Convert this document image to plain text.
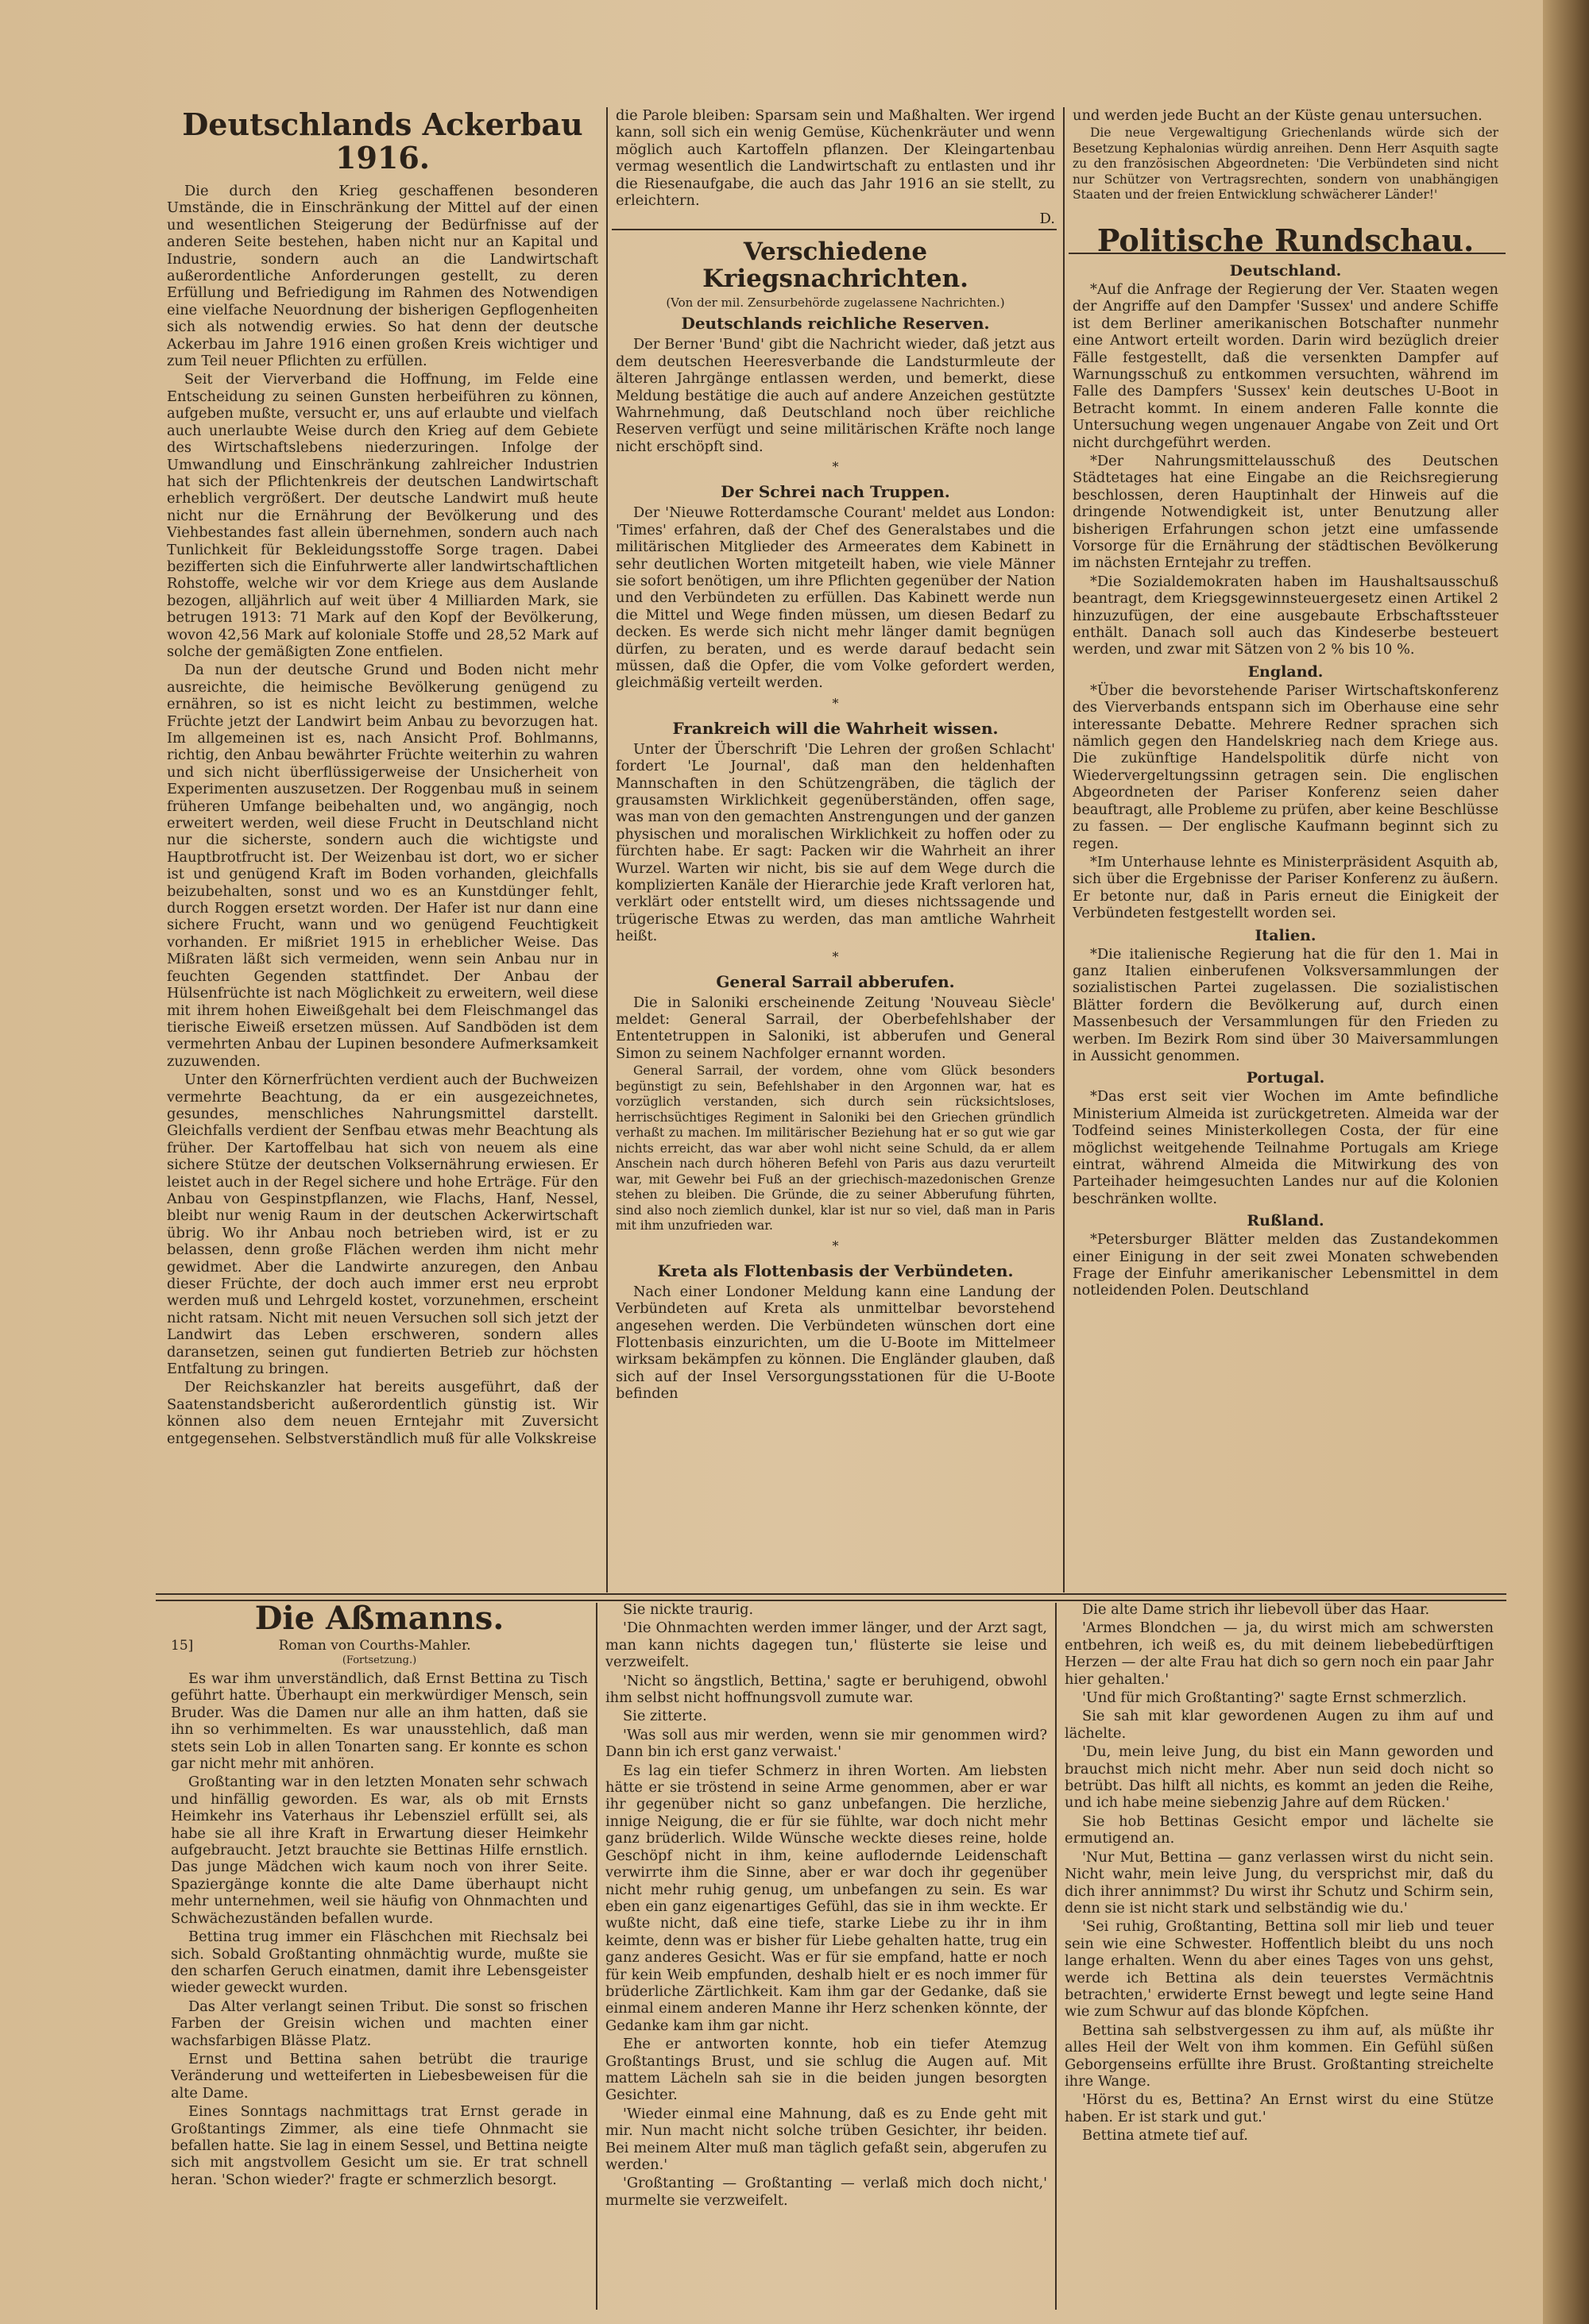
Deutschlands Ackerbau 1916.

Die durch den Krieg geschaffenen besonderen Umstände, die in Einschränkung der Mittel auf der einen und wesentlichen Steigerung der Bedürfnisse auf der anderen Seite bestehen, haben nicht nur an Kapital und Industrie, sondern auch an die Landwirtschaft außerordentliche Anforderungen gestellt, zu deren Erfüllung und Befriedigung im Rahmen des Notwendigen eine vielfache Neuordnung der bisherigen Gepflogenheiten sich als notwendig erwies. So hat denn der deutsche Ackerbau im Jahre 1916 einen großen Kreis wichtiger und zum Teil neuer Pflichten zu erfüllen.

Seit der Vierverband die Hoffnung, im Felde eine Entscheidung zu seinen Gunsten herbeiführen zu können, aufgeben mußte, versucht er, uns auf erlaubte und vielfach auch unerlaubte Weise durch den Krieg auf dem Gebiete des Wirtschaftslebens niederzuringen. Infolge der Umwandlung und Einschränkung zahlreicher Industrien hat sich der Pflichtenkreis der deutschen Landwirtschaft erheblich vergrößert. Der deutsche Landwirt muß heute nicht nur die Ernährung der Bevölkerung und des Viehbestandes fast allein übernehmen, sondern auch nach Tunlichkeit für Bekleidungsstoffe Sorge tragen. Dabei bezifferten sich die Einfuhrwerte aller landwirtschaftlichen Rohstoffe, welche wir vor dem Kriege aus dem Auslande bezogen, alljährlich auf weit über 4 Milliarden Mark, sie betrugen 1913: 71 Mark auf den Kopf der Bevölkerung, wovon 42,56 Mark auf koloniale Stoffe und 28,52 Mark auf solche der gemäßigten Zone entfielen.

Da nun der deutsche Grund und Boden nicht mehr ausreichte, die heimische Bevölkerung genügend zu ernähren, so ist es nicht leicht zu bestimmen, welche Früchte jetzt der Landwirt beim Anbau zu bevorzugen hat. Im allgemeinen ist es, nach Ansicht Prof. Bohlmanns, richtig, den Anbau bewährter Früchte weiterhin zu wahren und sich nicht überflüssigerweise der Unsicherheit von Experimenten auszusetzen. Der Roggenbau muß in seinem früheren Umfange beibehalten und, wo angängig, noch erweitert werden, weil diese Frucht in Deutschland nicht nur die sicherste, sondern auch die wichtigste und Hauptbrotfrucht ist. Der Weizenbau ist dort, wo er sicher ist und genügend Kraft im Boden vorhanden, gleichfalls beizubehalten, sonst und wo es an Kunstdünger fehlt, durch Roggen ersetzt worden. Der Hafer ist nur dann eine sichere Frucht, wann und wo genügend Feuchtigkeit vorhanden. Er mißriet 1915 in erheblicher Weise. Das Mißraten läßt sich vermeiden, wenn sein Anbau nur in feuchten Gegenden stattfindet. Der Anbau der Hülsenfrüchte ist nach Möglichkeit zu erweitern, weil diese mit ihrem hohen Eiweißgehalt bei dem Fleischmangel das tierische Eiweiß ersetzen müssen. Auf Sandböden ist dem vermehrten Anbau der Lupinen besondere Aufmerksamkeit zuzuwenden.

Unter den Körnerfrüchten verdient auch der Buchweizen vermehrte Beachtung, da er ein ausgezeichnetes, gesundes, menschliches Nahrungsmittel darstellt. Gleichfalls verdient der Senfbau etwas mehr Beachtung als früher. Der Kartoffelbau hat sich von neuem als eine sichere Stütze der deutschen Volksernährung erwiesen. Er leistet auch in der Regel sichere und hohe Erträge. Für den Anbau von Gespinstpflanzen, wie Flachs, Hanf, Nessel, bleibt nur wenig Raum in der deutschen Ackerwirtschaft übrig. Wo ihr Anbau noch betrieben wird, ist er zu belassen, denn große Flächen werden ihm nicht mehr gewidmet. Aber die Landwirte anzuregen, den Anbau dieser Früchte, der doch auch immer erst neu erprobt werden muß und Lehrgeld kostet, vorzunehmen, erscheint nicht ratsam. Nicht mit neuen Versuchen soll sich jetzt der Landwirt das Leben erschweren, sondern alles daransetzen, seinen gut fundierten Betrieb zur höchsten Entfaltung zu bringen.

Der Reichskanzler hat bereits ausgeführt, daß der Saatenstandsbericht außerordentlich günstig ist. Wir können also dem neuen Erntejahr mit Zuversicht entgegensehen. Selbstverständlich muß für alle Volkskreise

die Parole bleiben: Sparsam sein und Maßhalten. Wer irgend kann, soll sich ein wenig Gemüse, Küchenkräuter und wenn möglich auch Kartoffeln pflanzen. Der Kleingartenbau vermag wesentlich die Landwirtschaft zu entlasten und ihr die Riesenaufgabe, die auch das Jahr 1916 an sie stellt, zu erleichtern.

D.
Verschiedene Kriegsnachrichten.
(Von der mil. Zensurbehörde zugelassene Nachrichten.)
Deutschlands reichliche Reserven.

Der Berner 'Bund' gibt die Nachricht wieder, daß jetzt aus dem deutschen Heeresverbande die Landsturmleute der älteren Jahrgänge entlassen werden, und bemerkt, diese Meldung bestätige die auch auf andere Anzeichen gestützte Wahrnehmung, daß Deutschland noch über reichliche Reserven verfügt und seine militärischen Kräfte noch lange nicht erschöpft sind.

*
Der Schrei nach Truppen.

Der 'Nieuwe Rotterdamsche Courant' meldet aus London: 'Times' erfahren, daß der Chef des Generalstabes und die militärischen Mitglieder des Armeerates dem Kabinett in sehr deutlichen Worten mitgeteilt haben, wie viele Männer sie sofort benötigen, um ihre Pflichten gegenüber der Nation und den Verbündeten zu erfüllen. Das Kabinett werde nun die Mittel und Wege finden müssen, um diesen Bedarf zu decken. Es werde sich nicht mehr länger damit begnügen dürfen, zu beraten, und es werde darauf bedacht sein müssen, daß die Opfer, die vom Volke gefordert werden, gleichmäßig verteilt werden.

*
Frankreich will die Wahrheit wissen.

Unter der Überschrift 'Die Lehren der großen Schlacht' fordert 'Le Journal', daß man den heldenhaften Mannschaften in den Schützengräben, die täglich der grausamsten Wirklichkeit gegenüberständen, offen sage, was man von den gemachten Anstrengungen und der ganzen physischen und moralischen Wirklichkeit zu hoffen oder zu fürchten habe. Er sagt: Packen wir die Wahrheit an ihrer Wurzel. Warten wir nicht, bis sie auf dem Wege durch die komplizierten Kanäle der Hierarchie jede Kraft verloren hat, verklärt oder entstellt wird, um dieses nichtssagende und trügerische Etwas zu werden, das man amtliche Wahrheit heißt.

*
General Sarrail abberufen.

Die in Saloniki erscheinende Zeitung 'Nouveau Siècle' meldet: General Sarrail, der Oberbefehlshaber der Ententetruppen in Saloniki, ist abberufen und General Simon zu seinem Nachfolger ernannt worden.

General Sarrail, der vordem, ohne vom Glück besonders begünstigt zu sein, Befehlshaber in den Argonnen war, hat es vorzüglich verstanden, sich durch sein rücksichtsloses, herrischsüchtiges Regiment in Saloniki bei den Griechen gründlich verhaßt zu machen. Im militärischer Beziehung hat er so gut wie gar nichts erreicht, das war aber wohl nicht seine Schuld, da er allem Anschein nach durch höheren Befehl von Paris aus dazu verurteilt war, mit Gewehr bei Fuß an der griechisch-mazedonischen Grenze stehen zu bleiben. Die Gründe, die zu seiner Abberufung führten, sind also noch ziemlich dunkel, klar ist nur so viel, daß man in Paris mit ihm unzufrieden war.

*
Kreta als Flottenbasis der Verbündeten.

Nach einer Londoner Meldung kann eine Landung der Verbündeten auf Kreta als unmittelbar bevorstehend angesehen werden. Die Verbündeten wünschen dort eine Flottenbasis einzurichten, um die U-Boote im Mittelmeer wirksam bekämpfen zu können. Die Engländer glauben, daß sich auf der Insel Versorgungsstationen für die U-Boote befinden

und werden jede Bucht an der Küste genau untersuchen.

Die neue Vergewaltigung Griechenlands würde sich der Besetzung Kephalonias würdig anreihen. Denn Herr Asquith sagte zu den französischen Abgeordneten: 'Die Verbündeten sind nicht nur Schützer von Vertragsrechten, sondern von unabhängigen Staaten und der freien Entwicklung schwächerer Länder!'

Politische Rundschau.
Deutschland.

*Auf die Anfrage der Regierung der Ver. Staaten wegen der Angriffe auf den Dampfer 'Sussex' und andere Schiffe ist dem Berliner amerikanischen Botschafter nunmehr eine Antwort erteilt worden. Darin wird bezüglich dreier Fälle festgestellt, daß die versenkten Dampfer auf Warnungsschuß zu entkommen versuchten, während im Falle des Dampfers 'Sussex' kein deutsches U-Boot in Betracht kommt. In einem anderen Falle konnte die Untersuchung wegen ungenauer Angabe von Zeit und Ort nicht durchgeführt werden.

*Der Nahrungsmittelausschuß des Deutschen Städtetages hat eine Eingabe an die Reichsregierung beschlossen, deren Hauptinhalt der Hinweis auf die dringende Notwendigkeit ist, unter Benutzung aller bisherigen Erfahrungen schon jetzt eine umfassende Vorsorge für die Ernährung der städtischen Bevölkerung im nächsten Erntejahr zu treffen.

*Die Sozialdemokraten haben im Haushaltsausschuß beantragt, dem Kriegsgewinnsteuergesetz einen Artikel 2 hinzuzufügen, der eine ausgebaute Erbschaftssteuer enthält. Danach soll auch das Kindeserbe besteuert werden, und zwar mit Sätzen von 2 % bis 10 %.

England.

*Über die bevorstehende Pariser Wirtschaftskonferenz des Vierverbands entspann sich im Oberhause eine sehr interessante Debatte. Mehrere Redner sprachen sich nämlich gegen den Handelskrieg nach dem Kriege aus. Die zukünftige Handelspolitik dürfe nicht von Wiedervergeltungssinn getragen sein. Die englischen Abgeordneten der Pariser Konferenz seien daher beauftragt, alle Probleme zu prüfen, aber keine Beschlüsse zu fassen. — Der englische Kaufmann beginnt sich zu regen.

*Im Unterhause lehnte es Ministerpräsident Asquith ab, sich über die Ergebnisse der Pariser Konferenz zu äußern. Er betonte nur, daß in Paris erneut die Einigkeit der Verbündeten festgestellt worden sei.

Italien.

*Die italienische Regierung hat die für den 1. Mai in ganz Italien einberufenen Volksversammlungen der sozialistischen Partei zugelassen. Die sozialistischen Blätter fordern die Bevölkerung auf, durch einen Massenbesuch der Versammlungen für den Frieden zu werben. Im Bezirk Rom sind über 30 Maiversammlungen in Aussicht genommen.

Portugal.

*Das erst seit vier Wochen im Amte befindliche Ministerium Almeida ist zurückgetreten. Almeida war der Todfeind seines Ministerkollegen Costa, der für eine möglichst weitgehende Teilnahme Portugals am Kriege eintrat, während Almeida die Mitwirkung des von Parteihader heimgesuchten Landes nur auf die Kolonien beschränken wollte.

Rußland.

*Petersburger Blätter melden das Zustandekommen einer Einigung in der seit zwei Monaten schwebenden Frage der Einfuhr amerikanischer Lebensmittel in dem notleidenden Polen. Deutschland

Die Aßmanns.
15]	Roman von Courths-Mahler.
(Fortsetzung.)

Es war ihm unverständlich, daß Ernst Bettina zu Tisch geführt hatte. Überhaupt ein merkwürdiger Mensch, sein Bruder. Was die Damen nur alle an ihm hatten, daß sie ihn so verhimmelten. Es war unausstehlich, daß man stets sein Lob in allen Tonarten sang. Er konnte es schon gar nicht mehr mit anhören.

Großtanting war in den letzten Monaten sehr schwach und hinfällig geworden. Es war, als ob mit Ernsts Heimkehr ins Vaterhaus ihr Lebensziel erfüllt sei, als habe sie all ihre Kraft in Erwartung dieser Heimkehr aufgebraucht. Jetzt brauchte sie Bettinas Hilfe ernstlich. Das junge Mädchen wich kaum noch von ihrer Seite. Spaziergänge konnte die alte Dame überhaupt nicht mehr unternehmen, weil sie häufig von Ohnmachten und Schwächezuständen befallen wurde.

Bettina trug immer ein Fläschchen mit Riechsalz bei sich. Sobald Großtanting ohnmächtig wurde, mußte sie den scharfen Geruch einatmen, damit ihre Lebensgeister wieder geweckt wurden.

Das Alter verlangt seinen Tribut. Die sonst so frischen Farben der Greisin wichen und machten einer wachsfarbigen Blässe Platz.

Ernst und Bettina sahen betrübt die traurige Veränderung und wetteiferten in Liebesbeweisen für die alte Dame.

Eines Sonntags nachmittags trat Ernst gerade in Großtantings Zimmer, als eine tiefe Ohnmacht sie befallen hatte. Sie lag in einem Sessel, und Bettina neigte sich mit angstvollem Gesicht um sie. Er trat schnell heran. 'Schon wieder?' fragte er schmerzlich besorgt.

Sie nickte traurig.

'Die Ohnmachten werden immer länger, und der Arzt sagt, man kann nichts dagegen tun,' flüsterte sie leise und verzweifelt.

'Nicht so ängstlich, Bettina,' sagte er beruhigend, obwohl ihm selbst nicht hoffnungsvoll zumute war.

Sie zitterte.

'Was soll aus mir werden, wenn sie mir genommen wird? Dann bin ich erst ganz verwaist.'

Es lag ein tiefer Schmerz in ihren Worten. Am liebsten hätte er sie tröstend in seine Arme genommen, aber er war ihr gegenüber nicht so ganz unbefangen. Die herzliche, innige Neigung, die er für sie fühlte, war doch nicht mehr ganz brüderlich. Wilde Wünsche weckte dieses reine, holde Geschöpf nicht in ihm, keine auflodernde Leidenschaft verwirrte ihm die Sinne, aber er war doch ihr gegenüber nicht mehr ruhig genug, um unbefangen zu sein. Es war eben ein ganz eigenartiges Gefühl, das sie in ihm weckte. Er wußte nicht, daß eine tiefe, starke Liebe zu ihr in ihm keimte, denn was er bisher für Liebe gehalten hatte, trug ein ganz anderes Gesicht. Was er für sie empfand, hatte er noch für kein Weib empfunden, deshalb hielt er es noch immer für brüderliche Zärtlichkeit. Kam ihm gar der Gedanke, daß sie einmal einem anderen Manne ihr Herz schenken könnte, der Gedanke kam ihm gar nicht.

Ehe er antworten konnte, hob ein tiefer Atemzug Großtantings Brust, und sie schlug die Augen auf. Mit mattem Lächeln sah sie in die beiden jungen besorgten Gesichter.

'Wieder einmal eine Mahnung, daß es zu Ende geht mit mir. Nun macht nicht solche trüben Gesichter, ihr beiden. Bei meinem Alter muß man täglich gefaßt sein, abgerufen zu werden.'

'Großtanting — Großtanting — verlaß mich doch nicht,' murmelte sie verzweifelt.

Die alte Dame strich ihr liebevoll über das Haar.

'Armes Blondchen — ja, du wirst mich am schwersten entbehren, ich weiß es, du mit deinem liebebedürftigen Herzen — der alte Frau hat dich so gern noch ein paar Jahr hier gehalten.'

'Und für mich Großtanting?' sagte Ernst schmerzlich.

Sie sah mit klar gewordenen Augen zu ihm auf und lächelte.

'Du, mein leive Jung, du bist ein Mann geworden und brauchst mich nicht mehr. Aber nun seid doch nicht so betrübt. Das hilft all nichts, es kommt an jeden die Reihe, und ich habe meine siebenzig Jahre auf dem Rücken.'

Sie hob Bettinas Gesicht empor und lächelte sie ermutigend an.

'Nur Mut, Bettina — ganz verlassen wirst du nicht sein. Nicht wahr, mein leive Jung, du versprichst mir, daß du dich ihrer annimmst? Du wirst ihr Schutz und Schirm sein, denn sie ist nicht stark und selbständig wie du.'

'Sei ruhig, Großtanting, Bettina soll mir lieb und teuer sein wie eine Schwester. Hoffentlich bleibt du uns noch lange erhalten. Wenn du aber eines Tages von uns gehst, werde ich Bettina als dein teuerstes Vermächtnis betrachten,' erwiderte Ernst bewegt und legte seine Hand wie zum Schwur auf das blonde Köpfchen.

Bettina sah selbstvergessen zu ihm auf, als müßte ihr alles Heil der Welt von ihm kommen. Ein Gefühl süßen Geborgenseins erfüllte ihre Brust. Großtanting streichelte ihre Wange.

'Hörst du es, Bettina? An Ernst wirst du eine Stütze haben. Er ist stark und gut.'

Bettina atmete tief auf.
